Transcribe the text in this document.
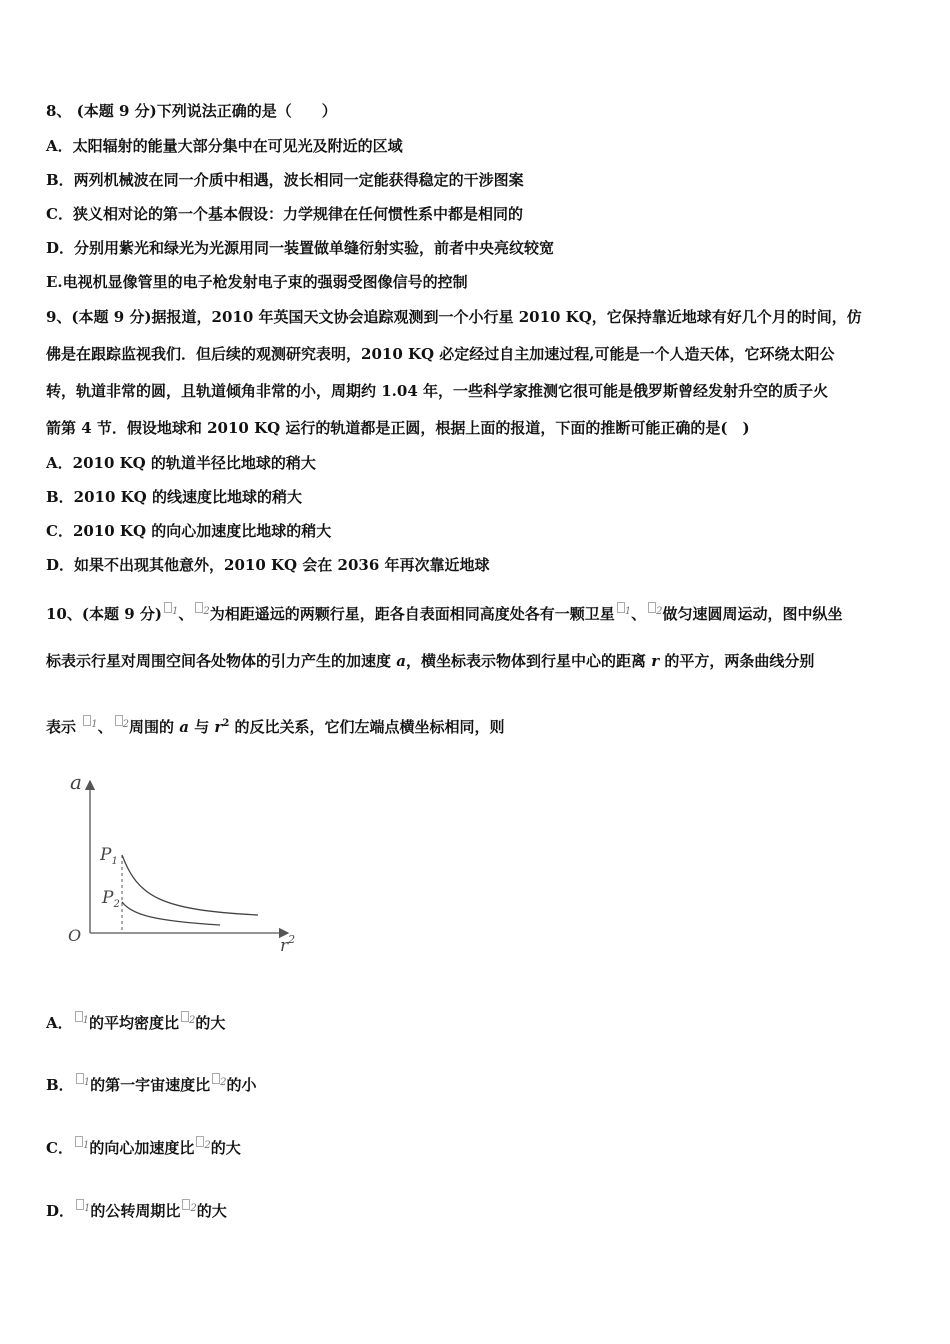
8、 (本题 9 分)下列说法正确的是（　　）
A．太阳辐射的能量大部分集中在可见光及附近的区域
B．两列机械波在同一介质中相遇，波长相同一定能获得稳定的干涉图案
C．狭义相对论的第一个基本假设：力学规律在任何惯性系中都是相同的
D．分别用紫光和绿光为光源用同一装置做单缝衍射实验，前者中央亮纹较宽
E.电视机显像管里的电子枪发射电子束的强弱受图像信号的控制
9、(本题 9 分)据报道，2010 年英国天文协会追踪观测到一个小行星 2010 KQ，它保持靠近地球有好几个月的时间，仿
佛是在跟踪监视我们．但后续的观测研究表明，2010 KQ 必定经过自主加速过程,可能是一个人造天体，它环绕太阳公
转，轨道非常的圆，且轨道倾角非常的小，周期约 1.04 年，一些科学家推测它很可能是俄罗斯曾经发射升空的质子火
箭第 4 节．假设地球和 2010 KQ 运行的轨道都是正圆，根据上面的报道，下面的推断可能正确的是(　)
A．2010 KQ 的轨道半径比地球的稍大
B．2010 KQ 的线速度比地球的稍大
C．2010 KQ 的向心加速度比地球的稍大
D．如果不出现其他意外，2010 KQ 会在 2036 年再次靠近地球
10、(本题 9 分) $^1$、 $^2$为相距遥远的两颗行星，距各自表面相同高度处各有一颗卫星 $^1$、 $^2$做匀速圆周运动，图中纵坐
标表示行星对周围空间各处物体的引力产生的加速度 a，横坐标表示物体到行星中心的距离 r 的平方，两条曲线分别
表示 $^1$、 $^2$周围的 a 与 $r^2$ 的反比关系，它们左端点横坐标相同，则
a
O
$r^2$
$P_1$
$P_2$
A． $^1$的平均密度比 $^2$的大
B． $^1$的第一宇宙速度比 $^2$的小
C． $^1$的向心加速度比 $^2$的大
D． $^1$的公转周期比 $^2$的大
